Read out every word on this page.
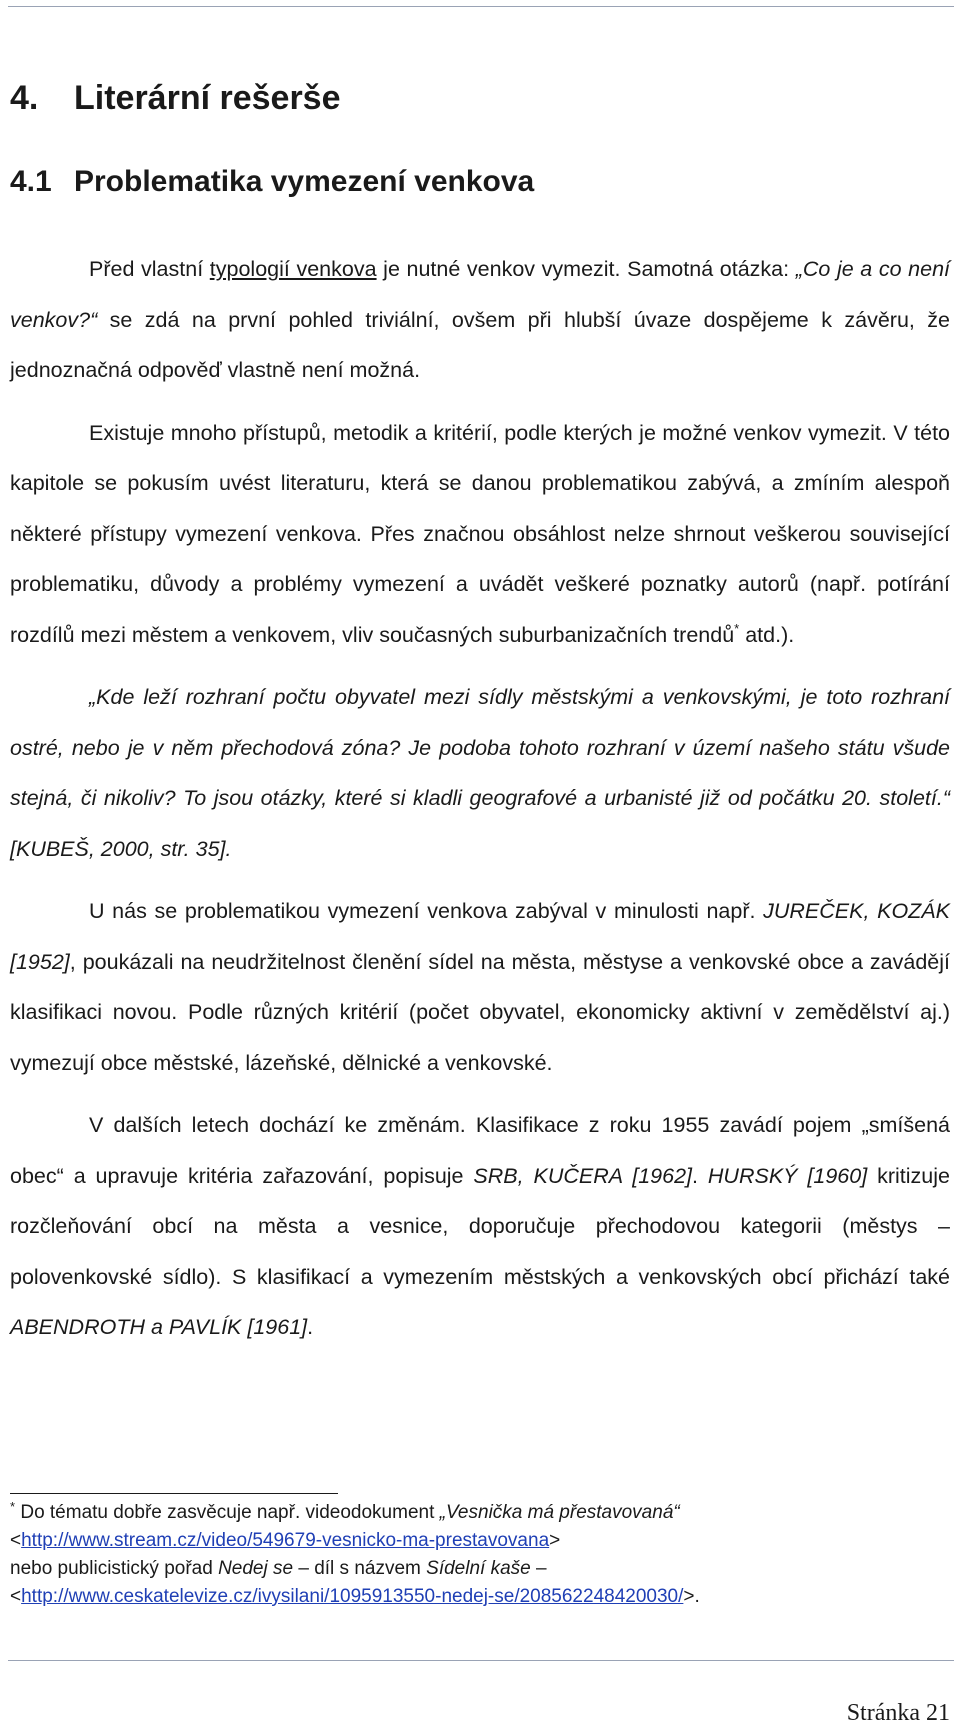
4. Literární rešerše
4.1 Problematika vymezení venkova

Před vlastní typologií venkova je nutné venkov vymezit. Samotná otázka: „Co je a co není venkov?“ se zdá na první pohled triviální, ovšem při hlubší úvaze dospějeme k závěru, že jednoznačná odpověď vlastně není možná.

Existuje mnoho přístupů, metodik a kritérií, podle kterých je možné venkov vymezit. V této kapitole se pokusím uvést literaturu, která se danou problematikou zabývá, a zmíním alespoň některé přístupy vymezení venkova. Přes značnou obsáhlost nelze shrnout veškerou související problematiku, důvody a problémy vymezení a uvádět veškeré poznatky autorů (např. potírání rozdílů mezi městem a venkovem, vliv současných suburbanizačních trendů* atd.).

„Kde leží rozhraní počtu obyvatel mezi sídly městskými a venkovskými, je toto rozhraní ostré, nebo je v něm přechodová zóna? Je podoba tohoto rozhraní v území našeho státu všude stejná, či nikoliv? To jsou otázky, které si kladli geografové a urbanisté již od počátku 20. století.“ [KUBEŠ, 2000, str. 35].

U nás se problematikou vymezení venkova zabýval v minulosti např. JUREČEK, KOZÁK [1952], poukázali na neudržitelnost členění sídel na města, městyse a venkovské obce a zavádějí klasifikaci novou. Podle různých kritérií (počet obyvatel, ekonomicky aktivní v zemědělství aj.) vymezují obce městské, lázeňské, dělnické a venkovské.

V dalších letech dochází ke změnám. Klasifikace z roku 1955 zavádí pojem „smíšená obec“ a upravuje kritéria zařazování, popisuje SRB, KUČERA [1962]. HURSKÝ [1960] kritizuje rozčleňování obcí na města a vesnice, doporučuje přechodovou kategorii (městys – polovenkovské sídlo). S klasifikací a vymezením městských a venkovských obcí přichází také ABENDROTH a PAVLÍK [1961].

* Do tématu dobře zasvěcuje např. videodokument „Vesnička má přestavovaná“
<http://www.stream.cz/video/549679-vesnicko-ma-prestavovana>
nebo publicistický pořad Nedej se – díl s názvem Sídelní kaše –
<http://www.ceskatelevize.cz/ivysilani/1095913550-nedej-se/208562248420030/>.
Stránka 21
